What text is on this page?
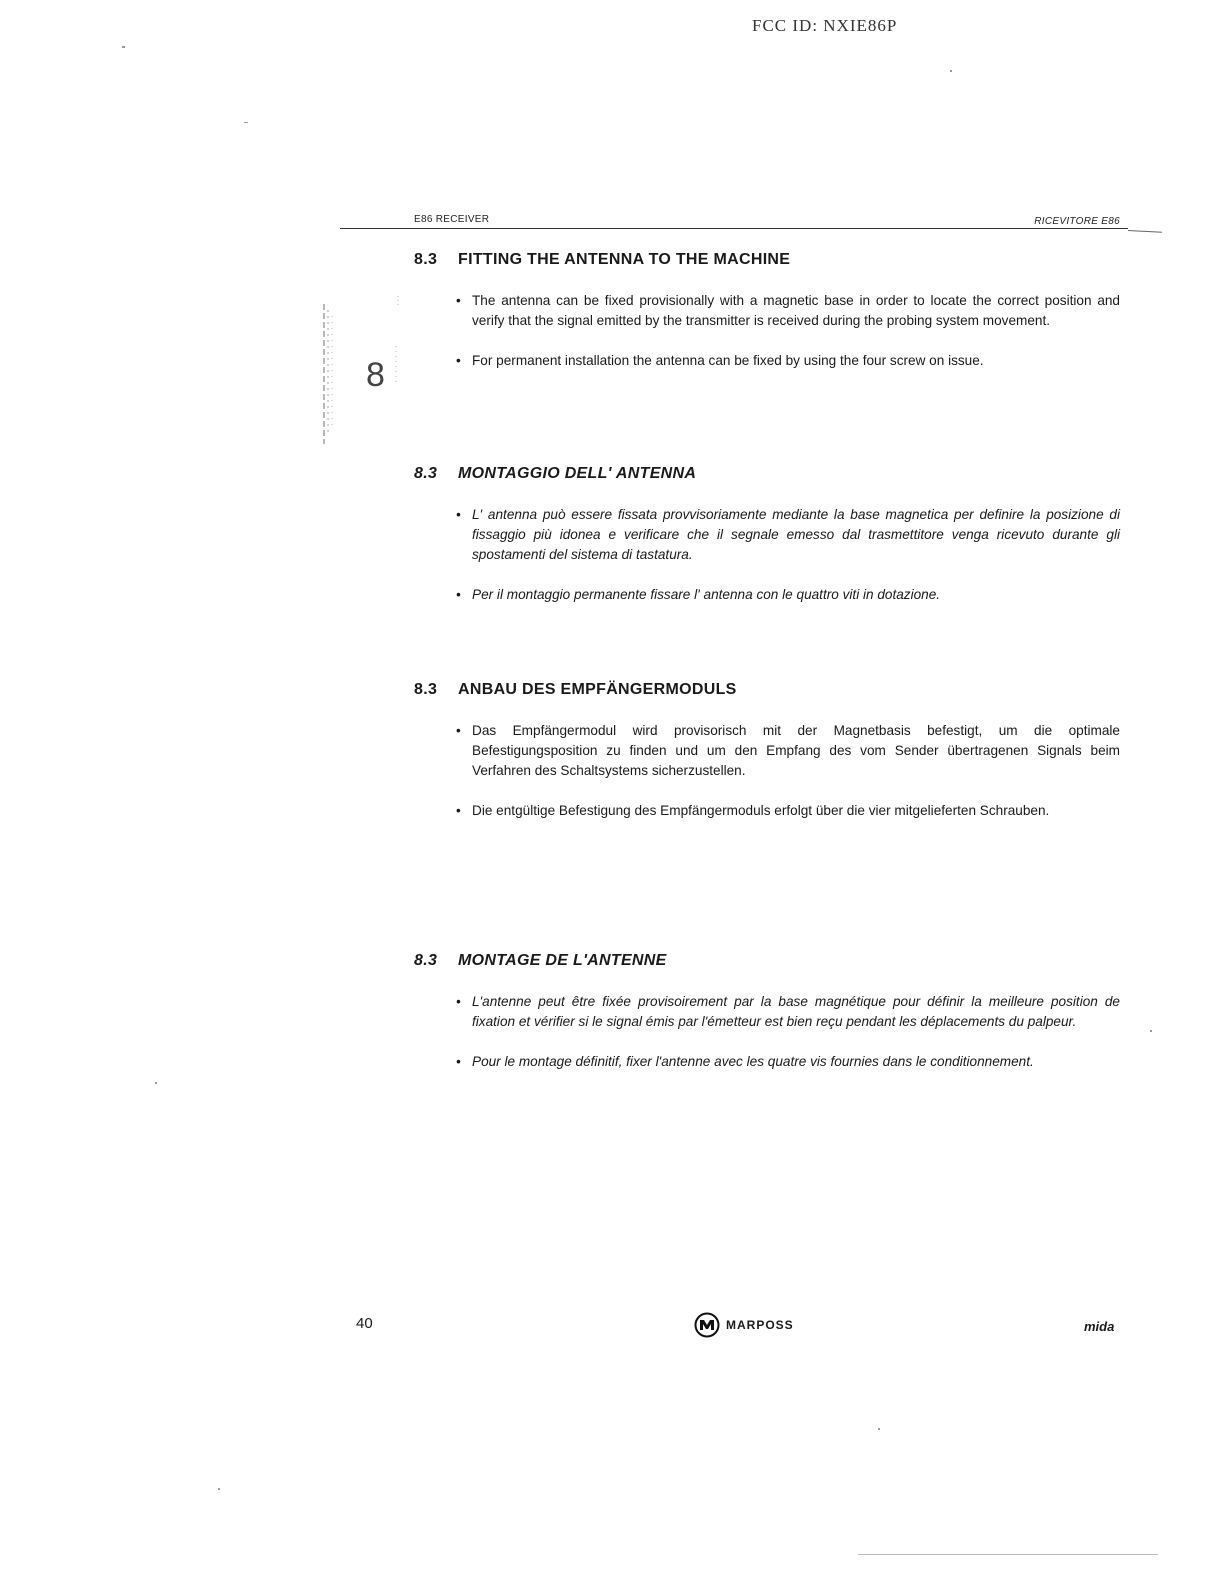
FCC ID: NXIE86P
E86 RECEIVER	RICEVITORE E86
8
8.3	FITTING THE ANTENNA TO THE MACHINE
• The antenna can be fixed provisionally with a magnetic base in order to locate the correct position and verify that the signal emitted by the transmitter is received during the probing system movement.
• For permanent installation the antenna can be fixed by using the four screw on issue.
8.3	MONTAGGIO DELL' ANTENNA
• L' antenna può essere fissata provvisoriamente mediante la base magnetica per definire la posizione di fissaggio più idonea e verificare che il segnale emesso dal trasmettitore venga ricevuto durante gli spostamenti del sistema di tastatura.
• Per il montaggio permanente fissare l' antenna con le quattro viti in dotazione.
8.3	ANBAU DES EMPFÄNGERMODULS
• Das Empfängermodul wird provisorisch mit der Magnetbasis befestigt, um die optimale Befestigungsposition zu finden und um den Empfang des vom Sender übertragenen Signals beim Verfahren des Schaltsystems sicherzustellen.
• Die entgültige Befestigung des Empfängermoduls erfolgt über die vier mitgelieferten Schrauben.
8.3	MONTAGE DE L'ANTENNE
• L'antenne peut être fixée provisoirement par la base magnétique pour définir la meilleure position de fixation et vérifier si le signal émis par l'émetteur est bien reçu pendant les déplacements du palpeur.
• Pour le montage définitif, fixer l'antenne avec les quatre vis fournies dans le conditionnement.
40	MARPOSS	mida
